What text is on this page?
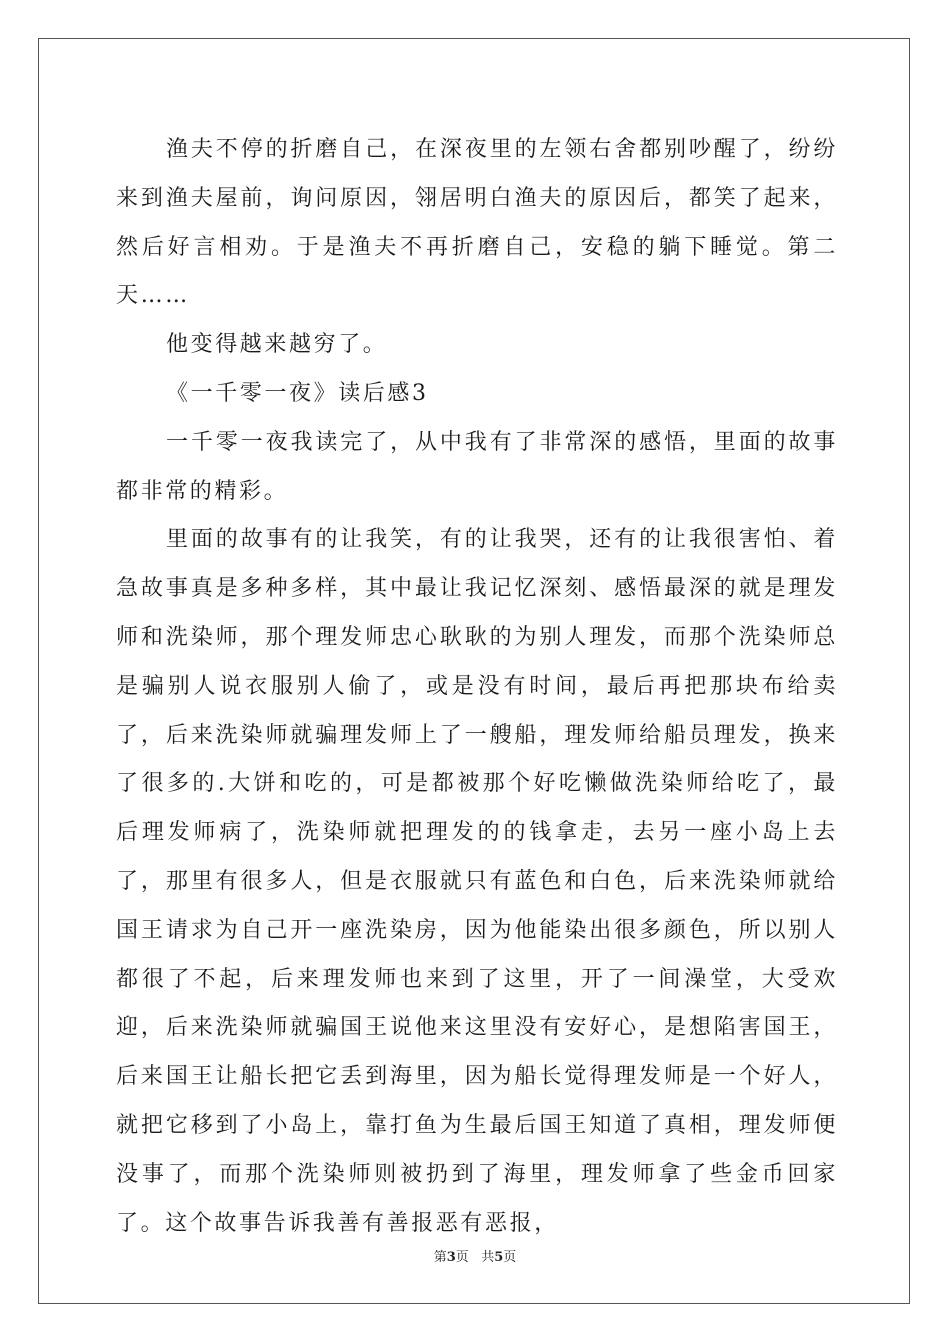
渔夫不停的折磨自己，在深夜里的左领右舍都别吵醒了，纷纷来到渔夫屋前，询问原因，翎居明白渔夫的原因后，都笑了起来，然后好言相劝。于是渔夫不再折磨自己，安稳的躺下睡觉。第二天……

他变得越来越穷了。

《一千零一夜》读后感3

一千零一夜我读完了，从中我有了非常深的感悟，里面的故事都非常的精彩。

里面的故事有的让我笑，有的让我哭，还有的让我很害怕、着急故事真是多种多样，其中最让我记忆深刻、感悟最深的就是理发师和洗染师，那个理发师忠心耿耿的为别人理发，而那个洗染师总是骗别人说衣服别人偷了，或是没有时间，最后再把那块布给卖了，后来洗染师就骗理发师上了一艘船，理发师给船员理发，换来了很多的.大饼和吃的，可是都被那个好吃懒做洗染师给吃了，最后理发师病了，洗染师就把理发的的钱拿走，去另一座小岛上去了，那里有很多人，但是衣服就只有蓝色和白色，后来洗染师就给国王请求为自己开一座洗染房，因为他能染出很多颜色，所以别人都很了不起，后来理发师也来到了这里，开了一间澡堂，大受欢迎，后来洗染师就骗国王说他来这里没有安好心，是想陷害国王，后来国王让船长把它丢到海里，因为船长觉得理发师是一个好人，就把它移到了小岛上，靠打鱼为生最后国王知道了真相，理发师便没事了，而那个洗染师则被扔到了海里，理发师拿了些金币回家了。这个故事告诉我善有善报恶有恶报，

第3页 共5页
